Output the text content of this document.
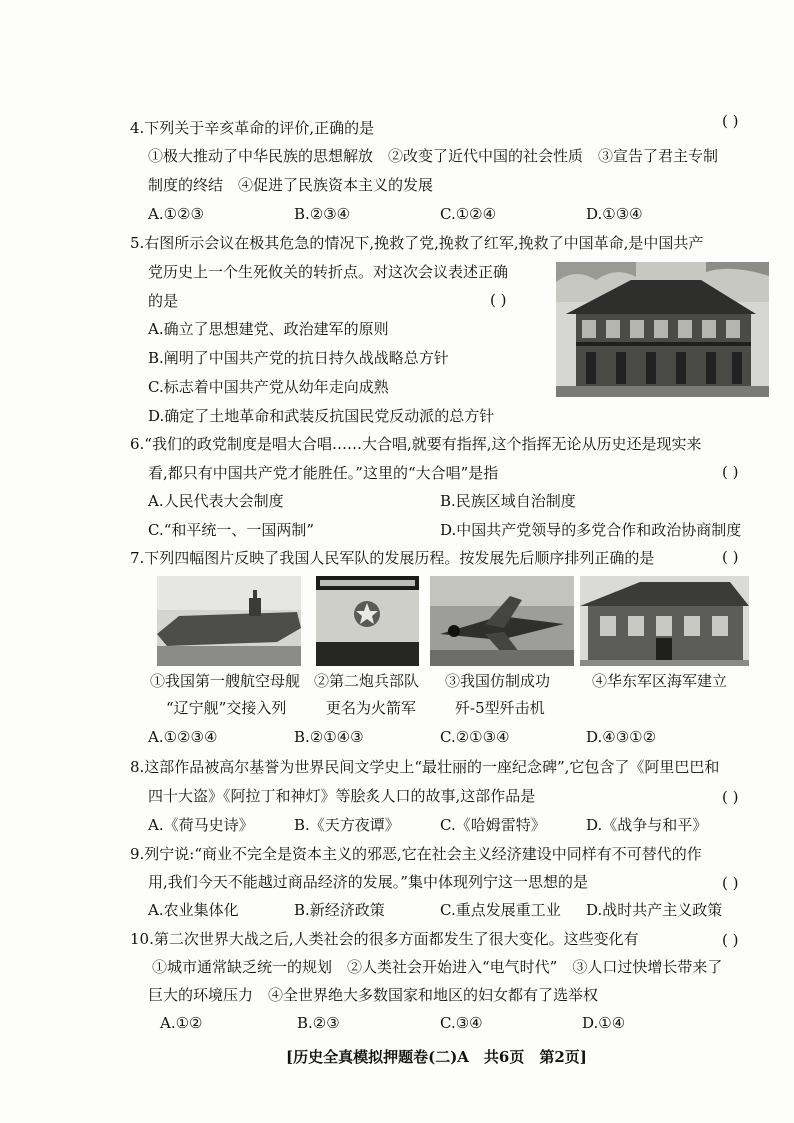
4.下列关于辛亥革命的评价,正确的是	( )
①极大推动了中华民族的思想解放　②改变了近代中国的社会性质　③宣告了君主专制
制度的终结　④促进了民族资本主义的发展
A.①②③	B.②③④	C.①②④	D.①③④
5.右图所示会议在极其危急的情况下,挽救了党,挽救了红军,挽救了中国革命,是中国共产
党历史上一个生死攸关的转折点。对这次会议表述正确
的是	( )
A.确立了思想建党、政治建军的原则
B.阐明了中国共产党的抗日持久战战略总方针
C.标志着中国共产党从幼年走向成熟
D.确定了土地革命和武装反抗国民党反动派的总方针
6.“我们的政党制度是唱大合唱……大合唱,就要有指挥,这个指挥无论从历史还是现实来
看,都只有中国共产党才能胜任。”这里的“大合唱”是指	( )
A.人民代表大会制度	B.民族区域自治制度
C.“和平统一、一国两制”	D.中国共产党领导的多党合作和政治协商制度
7.下列四幅图片反映了我国人民军队的发展历程。按发展先后顺序排列正确的是	( )
①我国第一艘航空母舰
“辽宁舰”交接入列
②第二炮兵部队
更名为火箭军
③我国仿制成功
歼-5型歼击机
④华东军区海军建立
A.①②③④	B.②①④③	C.②①③④	D.④③①②
8.这部作品被高尔基誉为世界民间文学史上“最壮丽的一座纪念碑”,它包含了《阿里巴巴和
四十大盗》《阿拉丁和神灯》等脍炙人口的故事,这部作品是	( )
A.《荷马史诗》	B.《天方夜谭》	C.《哈姆雷特》	D.《战争与和平》
9.列宁说:“商业不完全是资本主义的邪恶,它在社会主义经济建设中同样有不可替代的作
用,我们今天不能越过商品经济的发展。”集中体现列宁这一思想的是	( )
A.农业集体化	B.新经济政策	C.重点发展重工业 D.战时共产主义政策
10.第二次世界大战之后,人类社会的很多方面都发生了很大变化。这些变化有	( )
①城市通常缺乏统一的规划　②人类社会开始进入“电气时代”　③人口过快增长带来了
巨大的环境压力　④全世界绝大多数国家和地区的妇女都有了选举权
A.①②	B.②③	C.③④	D.①④
[历史全真模拟押题卷(二)A　共6页　第2页]
